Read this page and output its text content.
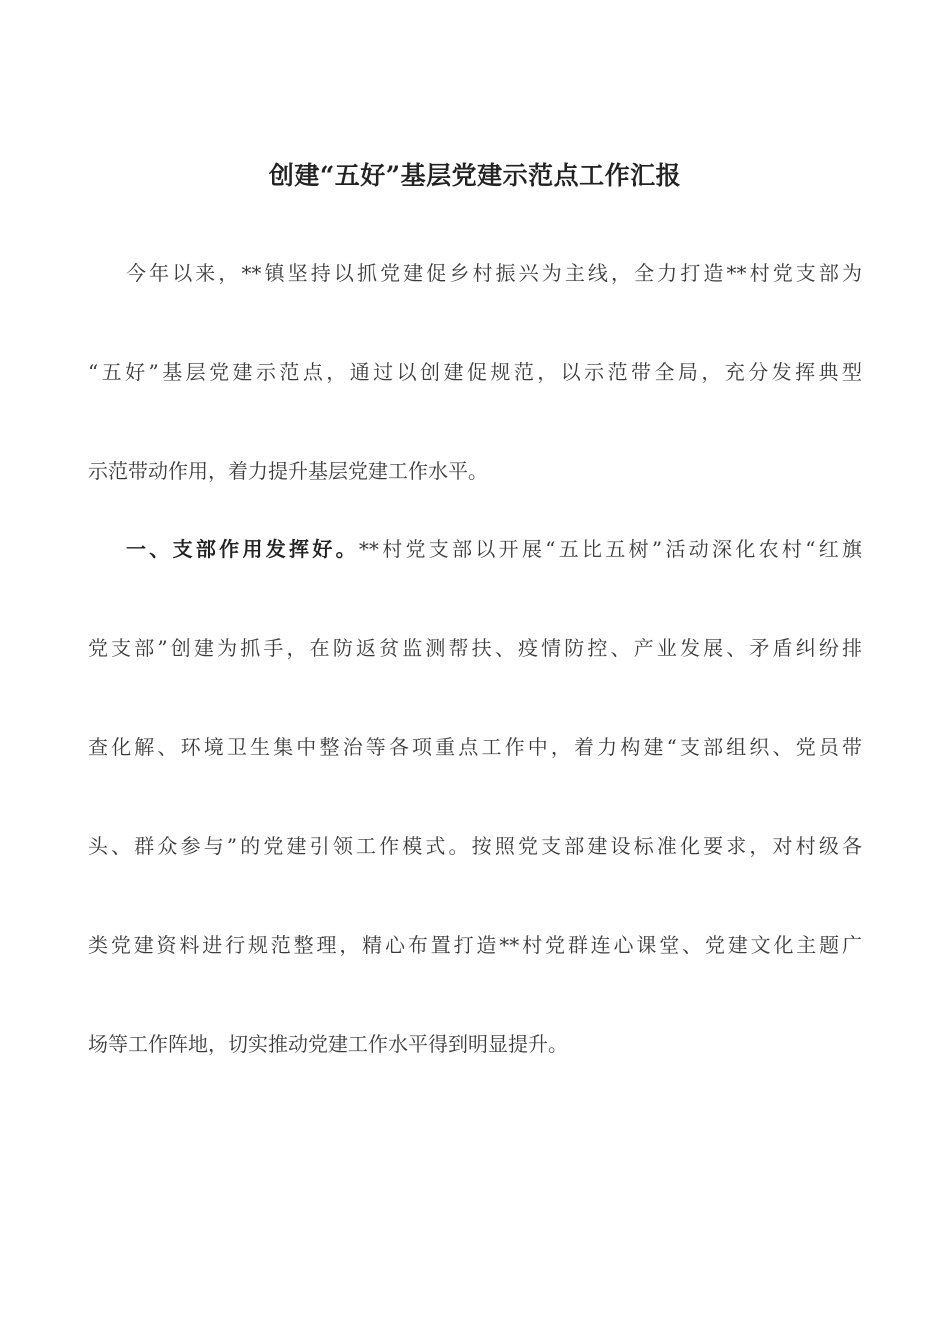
创建“五好”基层党建示范点工作汇报
今年以来，**镇坚持以抓党建促乡村振兴为主线，全力打造**村党支部为
“五好”基层党建示范点，通过以创建促规范，以示范带全局，充分发挥典型
示范带动作用，着力提升基层党建工作水平。
一、支部作用发挥好。**村党支部以开展“五比五树”活动深化农村“红旗
党支部”创建为抓手，在防返贫监测帮扶、疫情防控、产业发展、矛盾纠纷排
查化解、环境卫生集中整治等各项重点工作中，着力构建“支部组织、党员带
头、群众参与”的党建引领工作模式。按照党支部建设标准化要求，对村级各
类党建资料进行规范整理，精心布置打造**村党群连心课堂、党建文化主题广
场等工作阵地，切实推动党建工作水平得到明显提升。
